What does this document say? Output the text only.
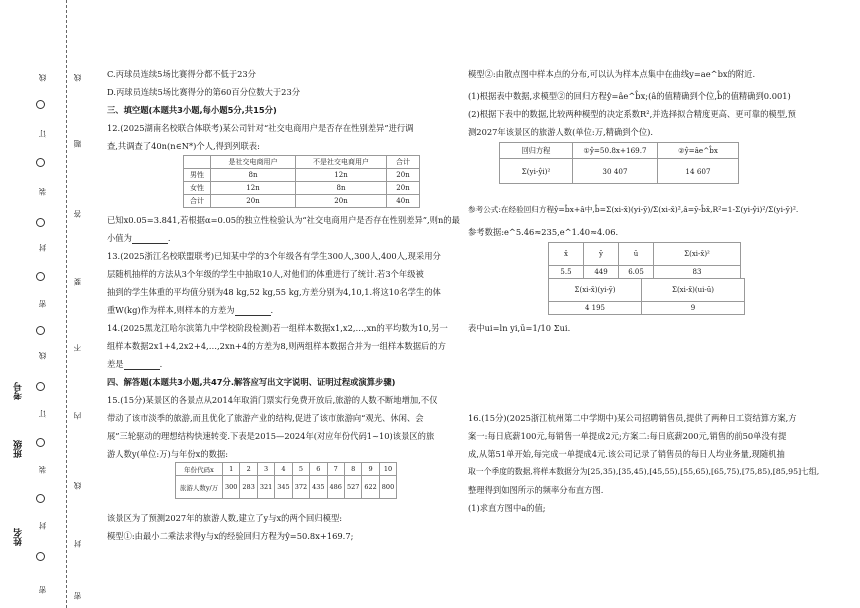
姓名
班级
考号
线
订
装
封
密
线
订
装
封
密
线
题
答
要
不
内
线
封
密
C.丙球员连续5场比赛得分都不低于23分
D.丙球员连续5场比赛得分的第60百分位数大于23分
三、填空题(本题共3小题,每小题5分,共15分)
12.(2025湖南名校联合体联考)某公司针对“社交电商用户是否存在性别差异”进行调
查,共调查了40n(n∈N*)个人,得到列联表:
	是社交电商用户	不是社交电商用户	合计
男性	8n	12n	20n
女性	12n	8n	20n
合计	20n	20n	40n
已知x0.05=3.841,若根据α=0.05的独立性检验认为“社交电商用户是否存在性别差异”,则n的最
小值为	.
13.(2025浙江名校联盟联考)已知某中学的3个年级各有学生300人,300人,400人,现采用分
层随机抽样的方法从3个年级的学生中抽取10人,对他们的体重进行了统计.若3个年级被
抽到的学生体重的平均值分别为48 kg,52 kg,55 kg,方差分别为4,10,1.将这10名学生的体
重W(kg)作为样本,则样本的方差为	.
14.(2025黑龙江哈尔滨第九中学校阶段检测)若一组样本数据x1,x2,…,xn的平均数为10,另一
组样本数据2x1+4,2x2+4,…,2xn+4的方差为8,则两组样本数据合并为一组样本数据后的方
差是	.
四、解答题(本题共3小题,共47分.解答应写出文字说明、证明过程或演算步骤)
15.(15分)某景区的各景点从2014年取消门票实行免费开放后,旅游的人数不断地增加,不仅
带动了该市淡季的旅游,而且优化了旅游产业的结构,促进了该市旅游向“观光、休闲、会
展”三轮驱动的理想结构快速转变.下表是2015—2024年(对应年份代码1~10)该景区的旅
游人数y(单位:万)与年份x的数据:
年份代码x	1	2	3	4	5	6	7	8	9	10
旅游人数y/万	300	283	321	345	372	435	486	527	622	800
该景区为了预测2027年的旅游人数,建立了y与x的两个回归模型:
模型①:由最小二乘法求得y与x的经验回归方程为ŷ=50.8x+169.7;
模型②:由散点图中样本点的分布,可以认为样本点集中在曲线y=ae^bx的附近.
(1)根据表中数据,求模型②的回归方程ŷ=âe^b̂x;(â的值精确到个位,b̂的值精确到0.001)
(2)根据下表中的数据,比较两种模型的决定系数R²,并选择拟合精度更高、更可靠的模型,预
测2027年该景区的旅游人数(单位:万,精确到个位).
回归方程	①ŷ=50.8x+169.7	②ŷ=âe^b̂x
Σ(yi-ŷi)²	30 407	14 607
参考公式:在经验回归方程ŷ=b̂x+â中,b̂=Σ(xi-x̄)(yi-ȳ)/Σ(xi-x̄)²,â=ȳ-b̂x̄,R²=1-Σ(yi-ŷi)²/Σ(yi-ȳ)².
参考数据:e^5.46≈235,e^1.40≈4.06.
x̄	ȳ	ū	Σ(xi-x̄)²
5.5	449	6.05	83
Σ(xi-x̄)(yi-ȳ)	Σ(xi-x̄)(ui-ū)
4 195	9
表中ui=ln yi,ū=1/10 Σui.
16.(15分)(2025浙江杭州第二中学期中)某公司招聘销售员,提供了两种日工资结算方案,方
案一:每日底薪100元,每销售一单提成2元;方案二:每日底薪200元,销售的前50单没有提
成,从第51单开始,每完成一单提成4元.该公司记录了销售员的每日人均业务量,现随机抽
取一个季度的数据,将样本数据分为[25,35),[35,45),[45,55),[55,65),[65,75),[75,85),[85,95]七组,
整理得到如图所示的频率分布直方图.
(1)求直方图中a的值;
